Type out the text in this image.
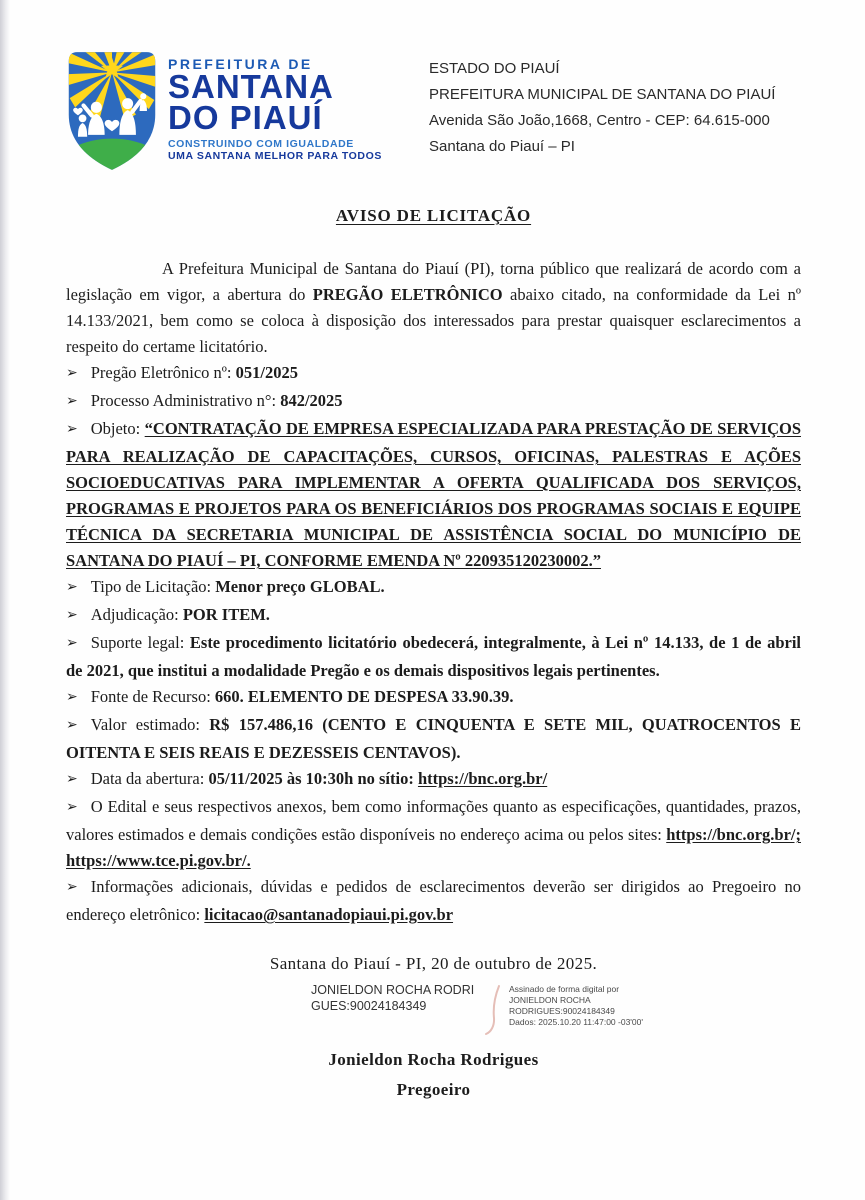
PREFEITURA DE
SANTANA
DO PIAUÍ
CONSTRUINDO COM IGUALDADE
UMA SANTANA MELHOR PARA TODOS
ESTADO DO PIAUÍ
PREFEITURA MUNICIPAL DE SANTANA DO PIAUÍ
Avenida São João,1668, Centro - CEP: 64.615-000
Santana do Piauí – PI
AVISO DE LICITAÇÃO

A Prefeitura Municipal de Santana do Piauí (PI), torna público que realizará de acordo com a legislação em vigor, a abertura do PREGÃO ELETRÔNICO abaixo citado, na conformidade da Lei nº 14.133/2021, bem como se coloca à disposição dos interessados para prestar quaisquer esclarecimentos a respeito do certame licitatório.

➢ Pregão Eletrônico nº: 051/2025

➢ Processo Administrativo n°: 842/2025

➢ Objeto: “CONTRATAÇÃO DE EMPRESA ESPECIALIZADA PARA PRESTAÇÃO DE SERVIÇOS PARA REALIZAÇÃO DE CAPACITAÇÕES, CURSOS, OFICINAS, PALESTRAS E AÇÕES SOCIOEDUCATIVAS PARA IMPLEMENTAR A OFERTA QUALIFICADA DOS SERVIÇOS, PROGRAMAS E PROJETOS PARA OS BENEFICIÁRIOS DOS PROGRAMAS SOCIAIS E EQUIPE TÉCNICA DA SECRETARIA MUNICIPAL DE ASSISTÊNCIA SOCIAL DO MUNICÍPIO DE SANTANA DO PIAUÍ – PI, CONFORME EMENDA Nº 220935120230002.”

➢ Tipo de Licitação: Menor preço GLOBAL.

➢ Adjudicação: POR ITEM.

➢ Suporte legal: Este procedimento licitatório obedecerá, integralmente, à Lei nº 14.133, de 1 de abril de 2021, que institui a modalidade Pregão e os demais dispositivos legais pertinentes.

➢ Fonte de Recurso: 660. ELEMENTO DE DESPESA 33.90.39.

➢ Valor estimado: R$ 157.486,16 (CENTO E CINQUENTA E SETE MIL, QUATROCENTOS E OITENTA E SEIS REAIS E DEZESSEIS CENTAVOS).

➢ Data da abertura: 05/11/2025 às 10:30h no sítio: https://bnc.org.br/

➢ O Edital e seus respectivos anexos, bem como informações quanto as especificações, quantidades, prazos, valores estimados e demais condições estão disponíveis no endereço acima ou pelos sites: https://bnc.org.br/; https://www.tce.pi.gov.br/.

➢ Informações adicionais, dúvidas e pedidos de esclarecimentos deverão ser dirigidos ao Pregoeiro no endereço eletrônico: licitacao@santanadopiaui.pi.gov.br

Santana do Piauí - PI, 20 de outubro de 2025.
JONIELDON ROCHA RODRIGUES:90024184349
Assinado de forma digital por
JONIELDON ROCHA
RODRIGUES:90024184349
Dados: 2025.10.20 11:47:00 -03'00'
Jonieldon Rocha Rodrigues
Pregoeiro
